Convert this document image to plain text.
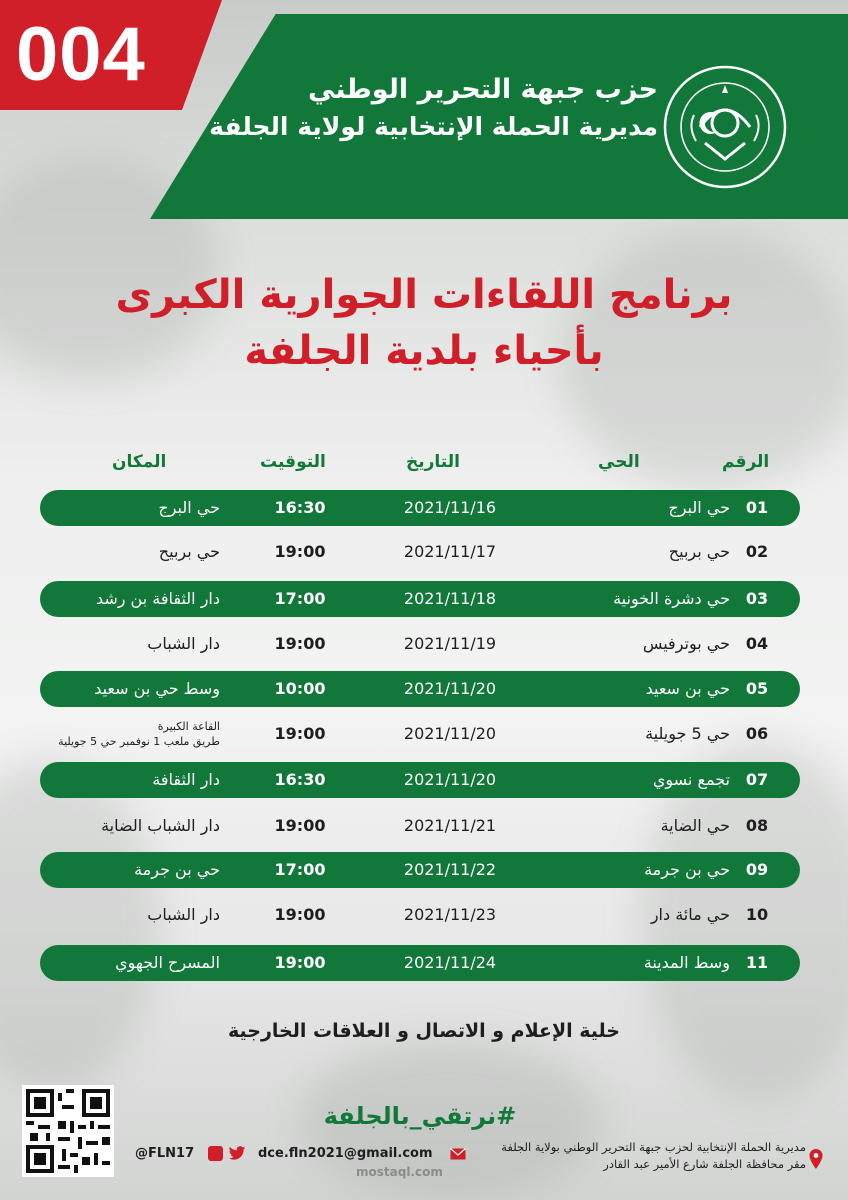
004	حزب جبهة التحرير الوطني
مديرية الحملة الإنتخابية لولاية الجلفة
برنامج اللقاءات الجوارية الكبرى
بأحياء بلدية الجلفة
الرقم
الحي
التاريخ
التوقيت
المكان
01
حي البرج
2021/11/16
16:30
حي البرج
02
حي بربيح
2021/11/17
19:00
حي بربيح
03
حي دشرة الخونية
2021/11/18
17:00
دار الثقافة بن رشد
04
حي بوترفيس
2021/11/19
19:00
دار الشباب
05
حي بن سعيد
2021/11/20
10:00
وسط حي بن سعيد
06
حي 5 جويلية
2021/11/20
19:00
القاعة الكبيرة
طريق ملعب 1 نوفمبر حي 5 جويلية
07
تجمع نسوي
2021/11/20
16:30
دار الثقافة
08
حي الضاية
2021/11/21
19:00
دار الشباب الضاية
09
حي بن جرمة
2021/11/22
17:00
حي بن جرمة
10
حي مائة دار
2021/11/23
19:00
دار الشباب
11
وسط المدينة
2021/11/24
19:00
المسرح الجهوي
خلية الإعلام و الاتصال و العلاقات الخارجية
#نرتقي_بالجلفة
@FLN17	dce.fln2021@gmail.com
mostaql.com
مديرية الحملة الإنتخابية لحزب جبهة التحرير الوطني بولاية الجلفة
مقر محافظة الجلفة شارع الأمير عبد القادر
